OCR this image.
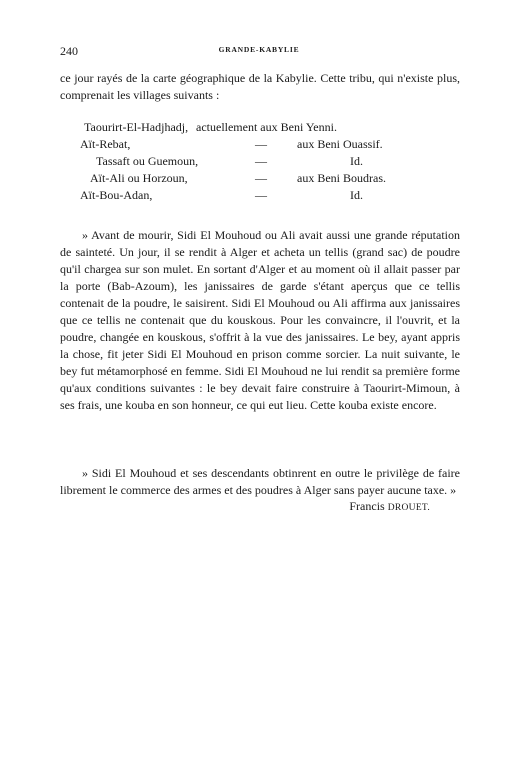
240	GRANDE-KABYLIE

ce jour rayés de la carte géographique de la Kabylie. Cette tribu, qui n'existe plus, comprenait les villages suivants :

Taourirt-El-Hadjhadj, actuellement aux Beni Yenni.
Aït-Rebat,	—	aux Beni Ouassif.
Tassaft ou Guemoun,	—	Id.
Aït-Ali ou Horzoun,	—	aux Beni Boudras.
Aït-Bou-Adan,	—	Id.

» Avant de mourir, Sidi El Mouhoud ou Ali avait aussi une grande réputation de sainteté. Un jour, il se rendit à Alger et acheta un tellis (grand sac) de poudre qu'il chargea sur son mulet. En sortant d'Alger et au moment où il allait passer par la porte (Bab-Azoum), les janissaires de garde s'étant aperçus que ce tellis contenait de la poudre, le saisirent. Sidi El Mouhoud ou Ali affirma aux janissaires que ce tellis ne contenait que du kouskous. Pour les convaincre, il l'ouvrit, et la poudre, changée en kouskous, s'offrit à la vue des janissaires. Le bey, ayant appris la chose, fit jeter Sidi El Mouhoud en prison comme sorcier. La nuit suivante, le bey fut métamorphosé en femme. Sidi El Mouhoud ne lui rendit sa première forme qu'aux conditions suivantes : le bey devait faire construire à Taourirt-Mimoun, à ses frais, une kouba en son honneur, ce qui eut lieu. Cette kouba existe encore.

» Sidi El Mouhoud et ses descendants obtinrent en outre le privilège de faire librement le commerce des armes et des poudres à Alger sans payer aucune taxe. »

Francis DROUET.
